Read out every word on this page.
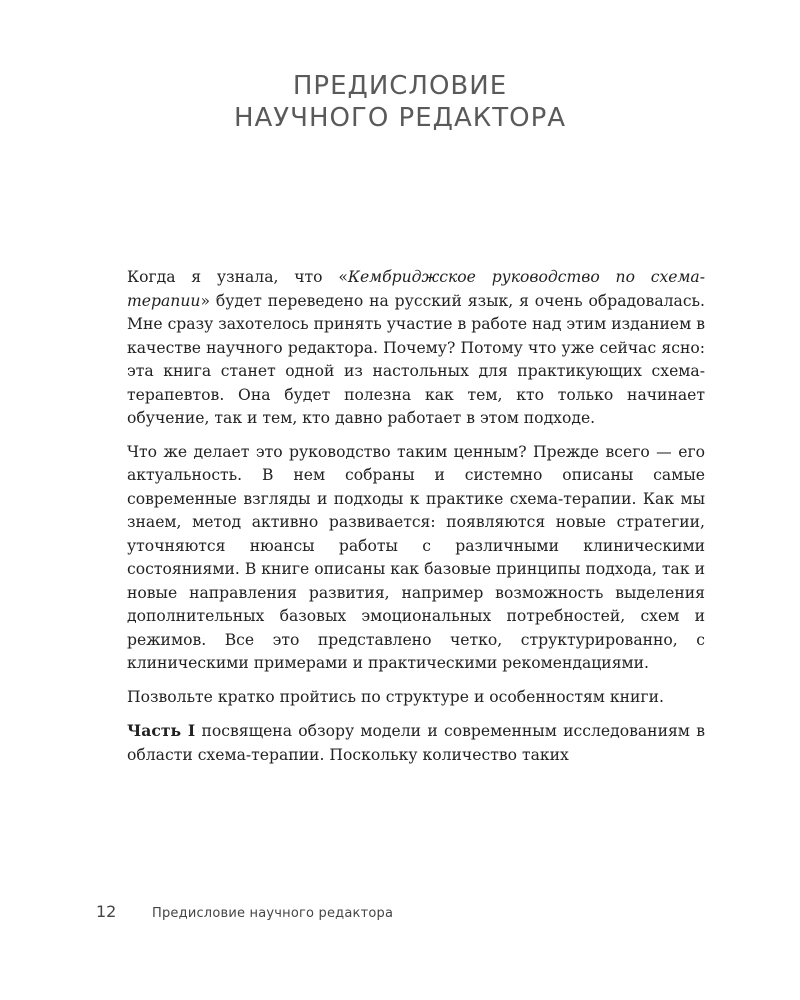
ПРЕДИСЛОВИЕ
НАУЧНОГО РЕДАКТОРА

Когда я узнала, что «Кембриджское руководство по схема-терапии» будет переведено на русский язык, я очень обрадовалась. Мне сразу захотелось принять участие в работе над этим изданием в качестве научного редактора. Почему? Потому что уже сейчас ясно: эта книга станет одной из настольных для практикующих схема-терапевтов. Она будет полезна как тем, кто только начинает обучение, так и тем, кто давно работает в этом подходе.

Что же делает это руководство таким ценным? Прежде всего — его актуальность. В нем собраны и системно описаны самые современные взгляды и подходы к практике схема-терапии. Как мы знаем, метод активно развивается: появляются новые стратегии, уточняются нюансы работы с различными клиническими состояниями. В книге описаны как базовые принципы подхода, так и новые направления развития, например возможность выделения дополнительных базовых эмоциональных потребностей, схем и режимов. Все это представлено четко, структурированно, с клиническими примерами и практическими рекомендациями.

Позвольте кратко пройтись по структуре и особенностям книги.

Часть I посвящена обзору модели и современным исследованиям в области схема-терапии. Поскольку количество таких

12	Предисловие научного редактора
